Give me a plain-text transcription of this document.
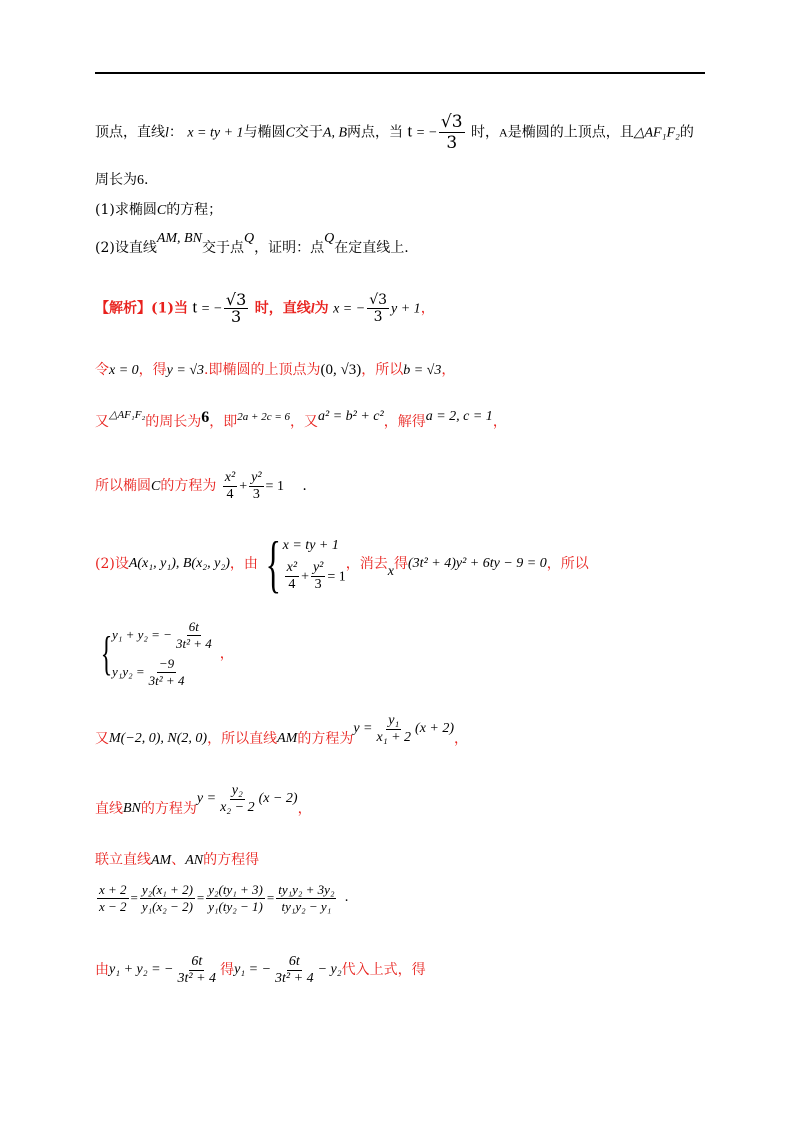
顶点，直线l： x = ty + 1与椭圆C交于A, B两点，当 t = − $\frac{√3}{3}$ 时，A是椭圆的上顶点，且△AF₁F₂的
周长为6.
(1)求椭圆C的方程；
(2)设直线AM, BN交于点Q，证明：点Q在定直线上.
【解析】(1)当 t = − $\frac{√3}{3}$ 时，直线l为 x = − $\frac{√3}{3}$ y + 1，
令x = 0，得y = √3.即椭圆的上顶点为(0, √3)，所以b = √3，
又$^{\triangle AF_1F_2}$的周长为6，即$^{2a + 2c = 6}$，又a² = b² + c²，解得a = 2, c = 1，
所以椭圆C的方程为 $\frac{\text{x²}}{4} + \frac{\text{y²}}{3} = 1$ .
(2)设 A(x₁, y₁), B(x₂, y₂) ，由 { x = ty + 1
$\frac{\text{x²}}{4} + \frac{\text{y²}}{3} = 1$
，消去 x 得 (3t² + 4)y² + 6ty − 9 = 0 ，所以
{ y₁ + y₂ = − $\frac{6t}{\text{3t² + 4}}$
$y_1y_2 = \frac{-9}{\text{3t² + 4}}$
，
又 M(−2, 0), N(2, 0) ，所以直线 AM 的方程为
$y = \frac{\text{y₁}}{\text{x₁ + 2}} (x + 2)$
，
直线 BN 的方程为
$y = \frac{\text{y₂}}{\text{x₂ − 2}} (x - 2)$
，
联立直线AM、AN的方程得
$\frac{x + 2}{x - 2} = \frac{\text{y₂(x₁ + 2)}}{\text{y₁(x₂ − 2)}} = \frac{\text{y₂(ty₁ + 3)}}{\text{y₁(ty₂ − 1)}} = \frac{\text{ty₁y₂ + 3y₂}}{\text{ty₁y₂ − y₁}}$ .
由 y₁ + y₂ = − $\frac{6t}{\text{3t² + 4}}$ 得 y₁ = − $\frac{6t}{\text{3t² + 4}} - y_2$ 代入上式，得
